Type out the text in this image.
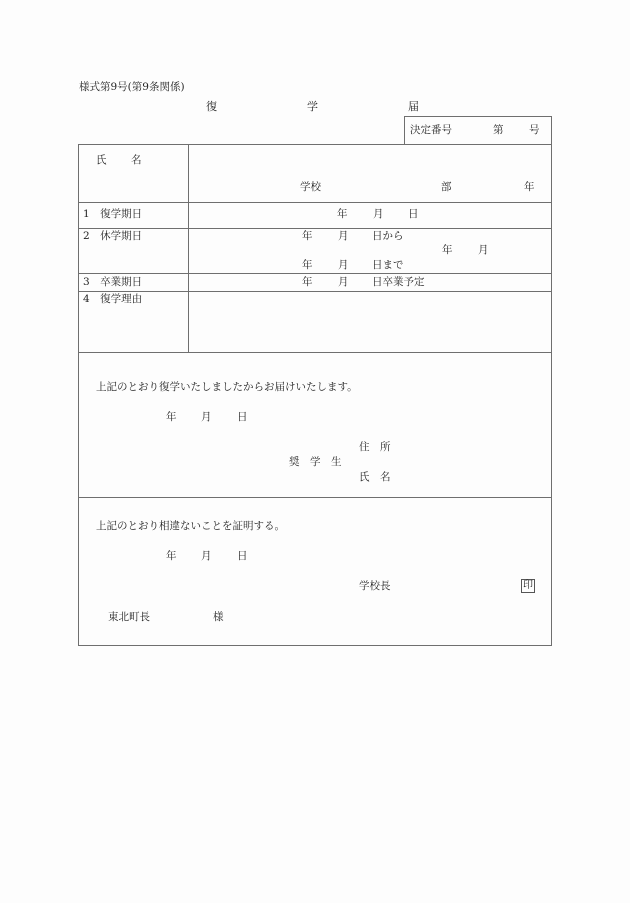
様式第9号(第9条関係)
復	学	届
決定番号	第 号
氏 名
学校	部	年
1　復学期日	年 月 日
2　休学期日	年 月 日から
年 月
年 月 日まで
3　卒業期日	年 月 日卒業予定
4　復学理由
上記のとおり復学いたしましたからお届けいたします。
年 月 日
住　所
奨　学　生
氏　名
上記のとおり相違ないことを証明する。
年 月 日
学校長	印
東北町長	様
